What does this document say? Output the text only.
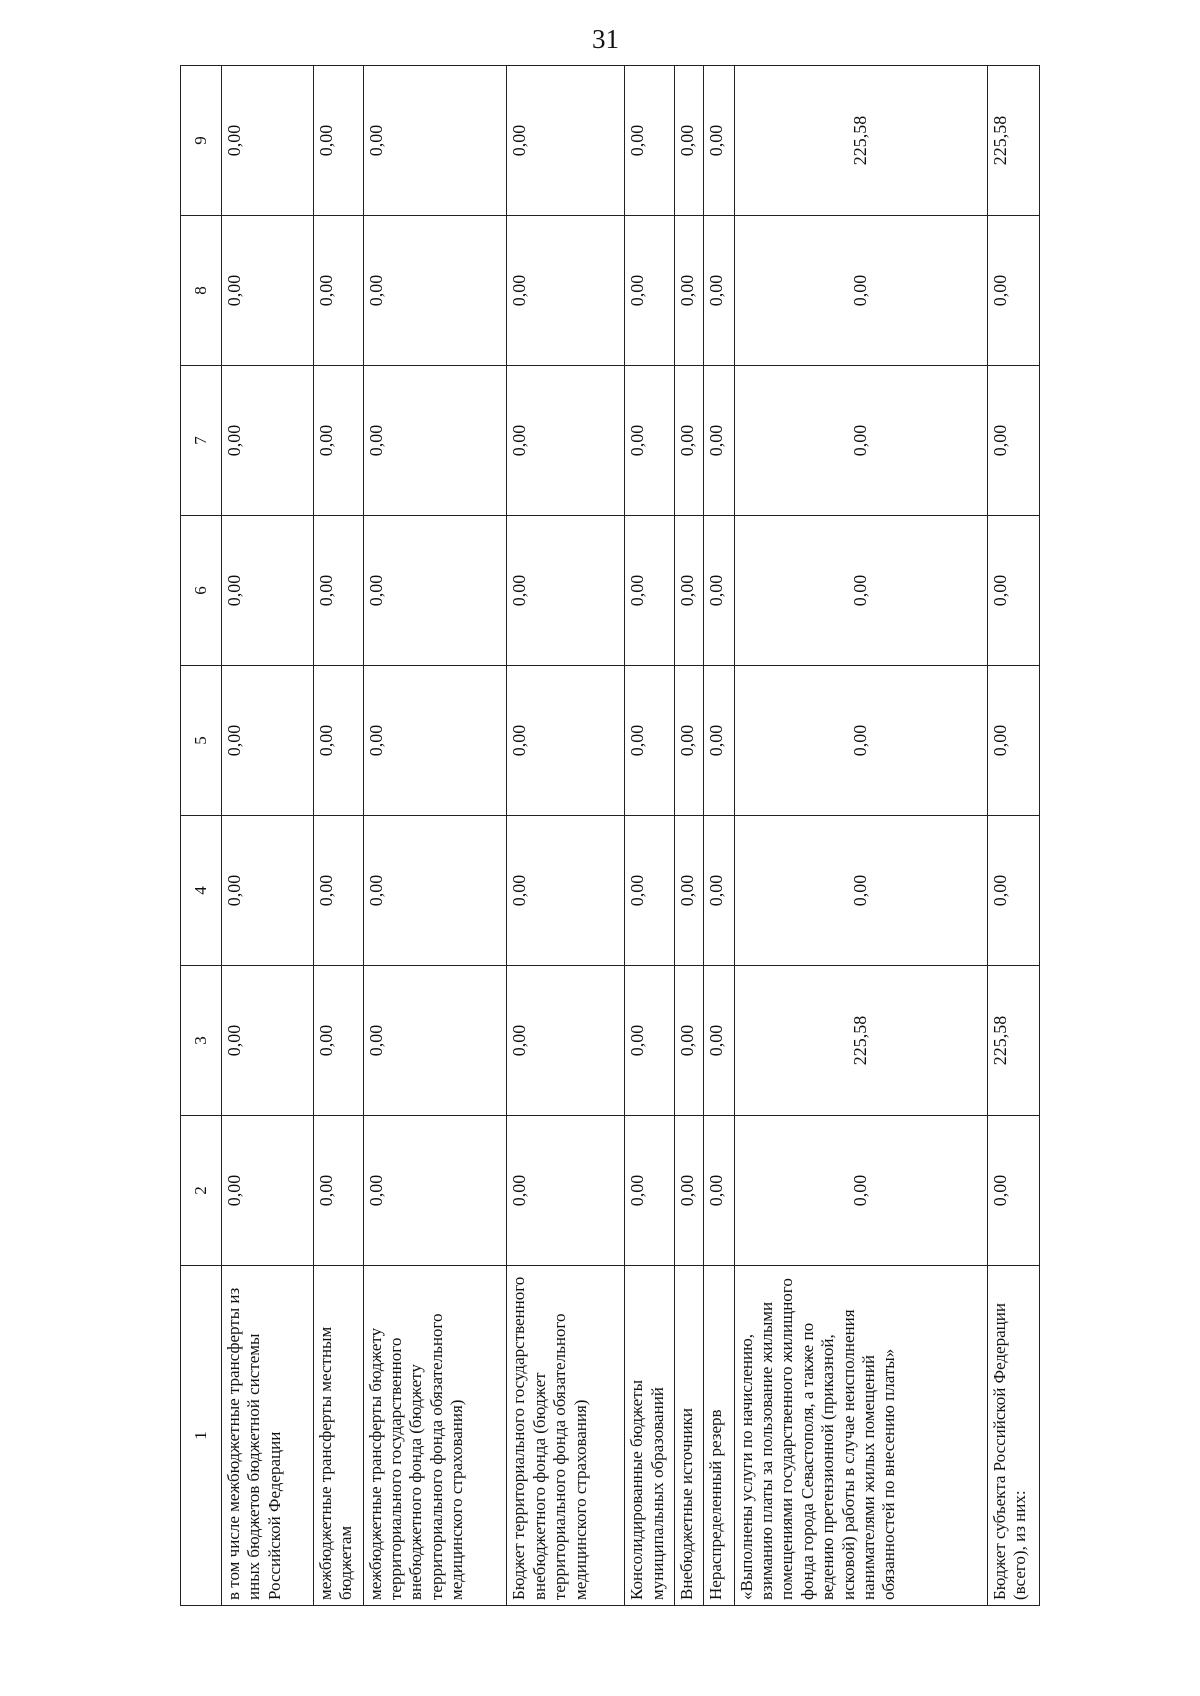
31
1	2	3	4	5	6	7	8	9
в том числе межбюджетные трансферты из иных бюджетов бюджетной системы Российской Федерации	0,00	0,00	0,00	0,00	0,00	0,00	0,00	0,00
межбюджетные трансферты местным бюджетам	0,00	0,00	0,00	0,00	0,00	0,00	0,00	0,00
межбюджетные трансферты бюджету территориального государственного внебюджетного фонда (бюджету территориального фонда обязательного медицинского страхования)	0,00	0,00	0,00	0,00	0,00	0,00	0,00	0,00
Бюджет территориального государственного внебюджетного фонда (бюджет территориального фонда обязательного медицинского страхования)	0,00	0,00	0,00	0,00	0,00	0,00	0,00	0,00
Консолидированные бюджеты муниципальных образований	0,00	0,00	0,00	0,00	0,00	0,00	0,00	0,00
Внебюджетные источники	0,00	0,00	0,00	0,00	0,00	0,00	0,00	0,00
Нераспределенный резерв	0,00	0,00	0,00	0,00	0,00	0,00	0,00	0,00
«Выполнены услуги по начислению, взиманию платы за пользование жилыми помещениями государственного жилищного фонда города Севастополя, а также по ведению претензионной (приказной, исковой) работы в случае неисполнения нанимателями жилых помещений обязанностей по внесению платы»	0,00	225,58	0,00	0,00	0,00	0,00	0,00	225,58
Бюджет субъекта Российской Федерации (всего), из них:	0,00	225,58	0,00	0,00	0,00	0,00	0,00	225,58
